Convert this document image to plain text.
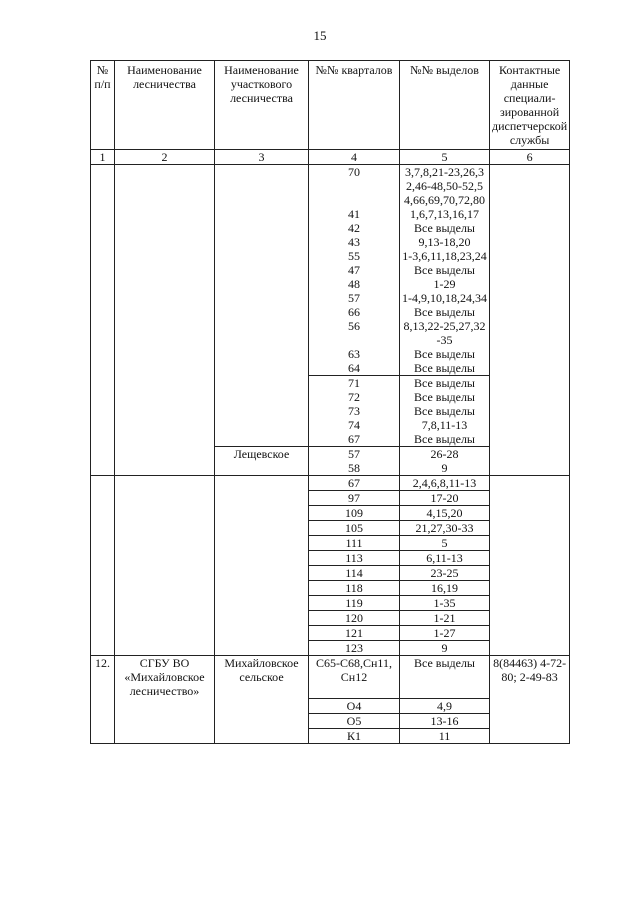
15
№ п/п	Наименование лесничества	Наименование участкового лесничества	№№ кварталов	№№ выделов	Контактные данные специали-зированной диспетчерской службы
1	2	3	4	5	6
			70	3,7,8,21-23,26,32,46-48,50-52,54,66,69,70,72,80	
			41	1,6,7,13,16,17	
			42	Все выделы	
			43	9,13-18,20	
			55	1-3,6,11,18,23,24	
			47	Все выделы	
			48	1-29	
			57	1-4,9,10,18,24,34	
			66	Все выделы	
			56	8,13,22-25,27,32-35	
			63	Все выделы	
			64	Все выделы	
			71	Все выделы	
			72	Все выделы	
			73	Все выделы	
			74	7,8,11-13	
			67	Все выделы	
		Лещевское	57	26-28	
			58	9	
			67	2,4,6,8,11-13	
			97	17-20	
			109	4,15,20	
			105	21,27,30-33	
			111	5	
			113	6,11-13	
			114	23-25	
			118	16,19	
			119	1-35	
			120	1-21	
			121	1-27	
			123	9	
12.	СГБУ ВО «Михайловское лесничество»	Михайловское сельское	С65-С68,Сн11, Сн12	Все выделы	8(84463) 4-72-80; 2-49-83
			О4	4,9	
			О5	13-16	
			К1	11	
